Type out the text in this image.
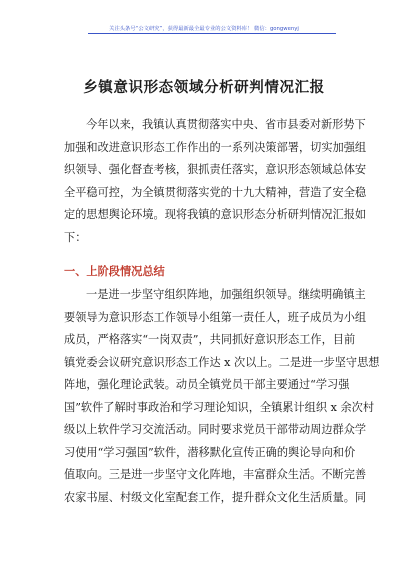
关注头条号“公文研究”，获得最新最全最专业的公文资料库！ 微信：gongwenyj
乡镇意识形态领域分析研判情况汇报
今年以来，我镇认真贯彻落实中央、省市县委对新形势下
加强和改进意识形态工作作出的一系列决策部署，切实加强组
织领导、强化督查考核，狠抓责任落实，意识形态领域总体安
全平稳可控，为全镇贯彻落实党的十九大精神，营造了安全稳
定的思想舆论环境。现将我镇的意识形态分析研判情况汇报如
下：
一、上阶段情况总结
一是进一步坚守组织阵地，加强组织领导。继续明确镇主
要领导为意识形态工作领导小组第一责任人，班子成员为小组
成员，严格落实“一岗双责”，共同抓好意识形态工作，目前
镇党委会议研究意识形态工作达 x 次以上。二是进一步坚守思想
阵地，强化理论武装。动员全镇党员干部主要通过“学习强
国”软件了解时事政治和学习理论知识，全镇累计组织 x 余次村
级以上软件学习交流活动。同时要求党员干部带动周边群众学
习使用“学习强国”软件，潜移默化宣传正确的舆论导向和价
值取向。三是进一步坚守文化阵地，丰富群众生活。不断完善
农家书屋、村级文化室配套工作，提升群众文化生活质量。同
